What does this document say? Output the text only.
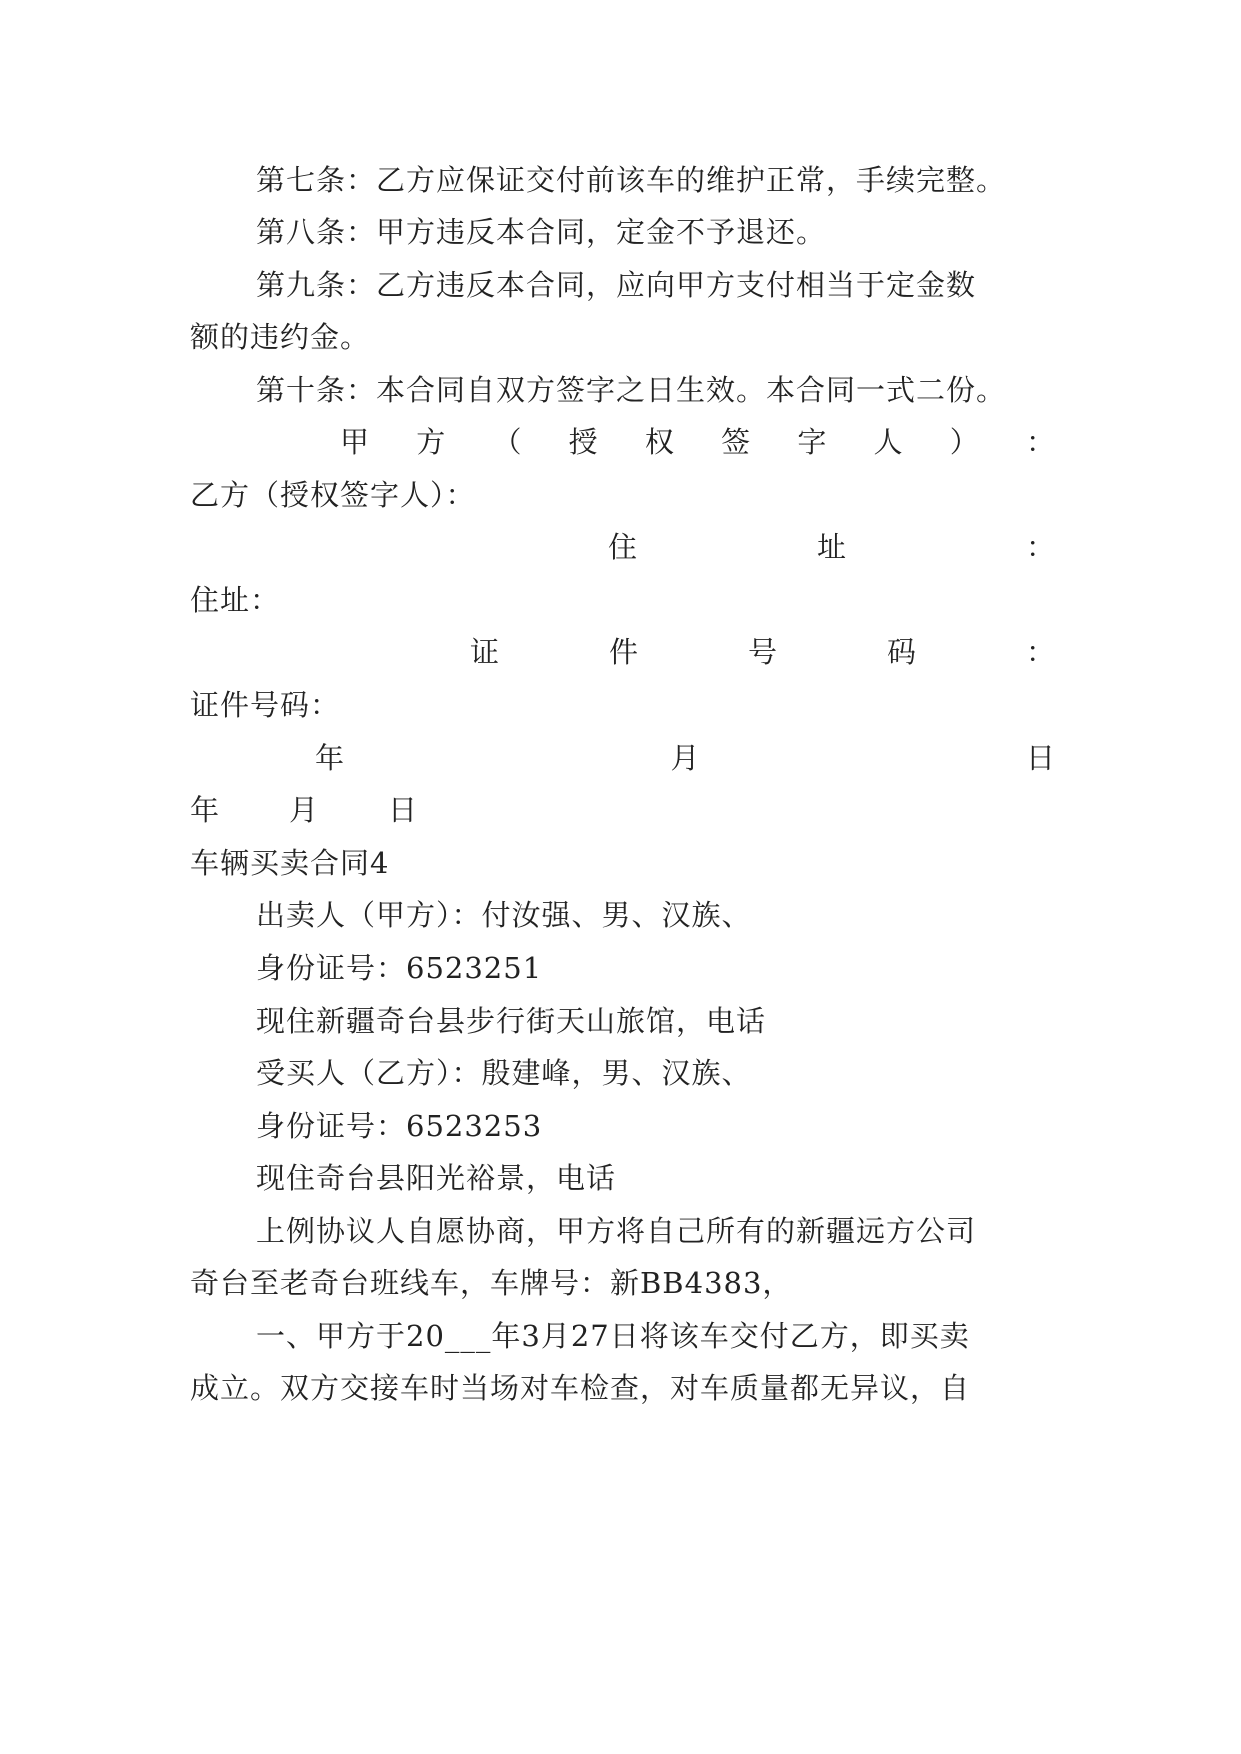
第七条：乙方应保证交付前该车的维护正常，手续完整。
第八条：甲方违反本合同，定金不予退还。
第九条：乙方违反本合同，应向甲方支付相当于定金数
额的违约金。
第十条：本合同自双方签字之日生效。本合同一式二份。
甲 方 （ 授 权 签 字 人 ） ：
乙方（授权签字人）：
住	址	：
住址：
证	件	号	码	：
证件号码：
年	月	日
年 月 日
车辆买卖合同4
出卖人（甲方）：付汝强、男、汉族、
身份证号：6523251
现住新疆奇台县步行街天山旅馆，电话
受买人（乙方）：殷建峰，男、汉族、
身份证号：6523253
现住奇台县阳光裕景，电话
上例协议人自愿协商，甲方将自己所有的新疆远方公司
奇台至老奇台班线车，车牌号：新BB4383，
一、甲方于20___年3月27日将该车交付乙方，即买卖
成立。双方交接车时当场对车检查，对车质量都无异议，自
